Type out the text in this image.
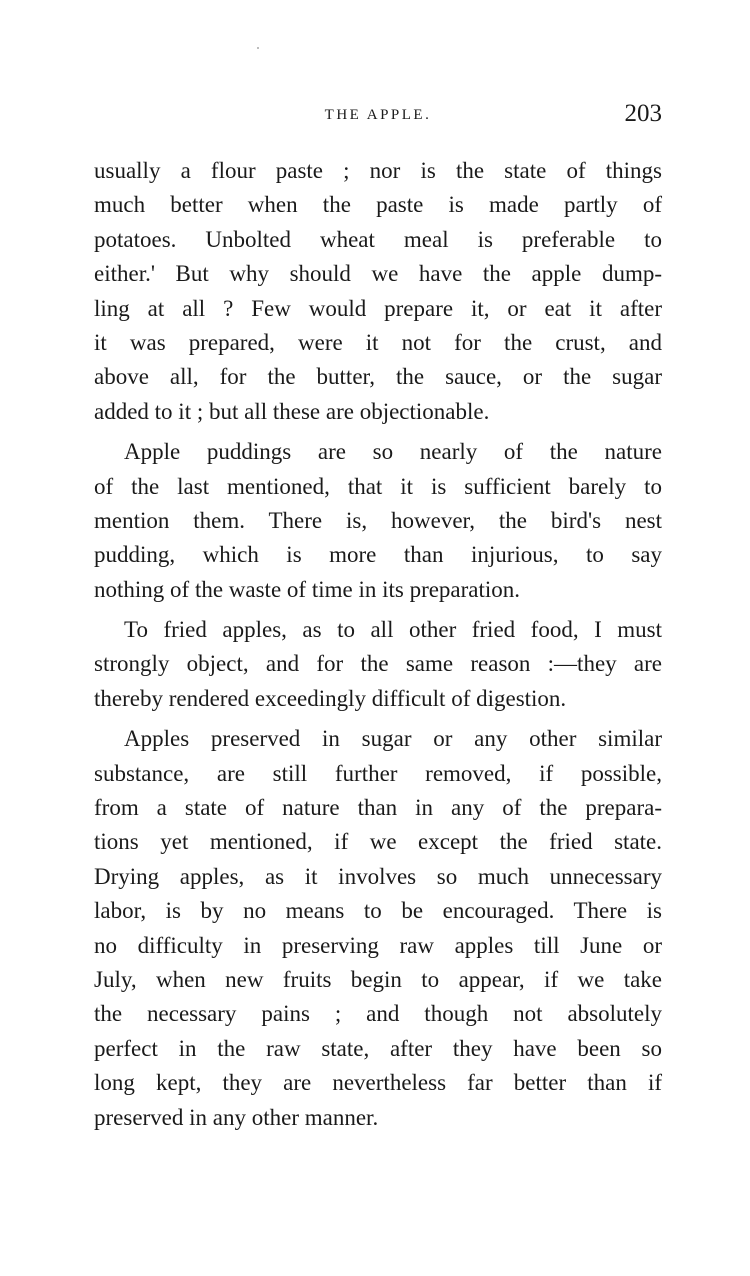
THE APPLE.	203
usually a flour paste ; nor is the state of things
much better when the paste is made partly of
potatoes. Unbolted wheat meal is preferable to
either.' But why should we have the apple dump-
ling at all ? Few would prepare it, or eat it after
it was prepared, were it not for the crust, and
above all, for the butter, the sauce, or the sugar
added to it ; but all these are objectionable.
Apple puddings are so nearly of the nature
of the last mentioned, that it is sufficient barely to
mention them. There is, however, the bird's nest
pudding, which is more than injurious, to say
nothing of the waste of time in its preparation.
To fried apples, as to all other fried food, I must
strongly object, and for the same reason :—they are
thereby rendered exceedingly difficult of digestion.
Apples preserved in sugar or any other similar
substance, are still further removed, if possible,
from a state of nature than in any of the prepara-
tions yet mentioned, if we except the fried state.
Drying apples, as it involves so much unnecessary
labor, is by no means to be encouraged. There is
no difficulty in preserving raw apples till June or
July, when new fruits begin to appear, if we take
the necessary pains ; and though not absolutely
perfect in the raw state, after they have been so
long kept, they are nevertheless far better than if
preserved in any other manner.
